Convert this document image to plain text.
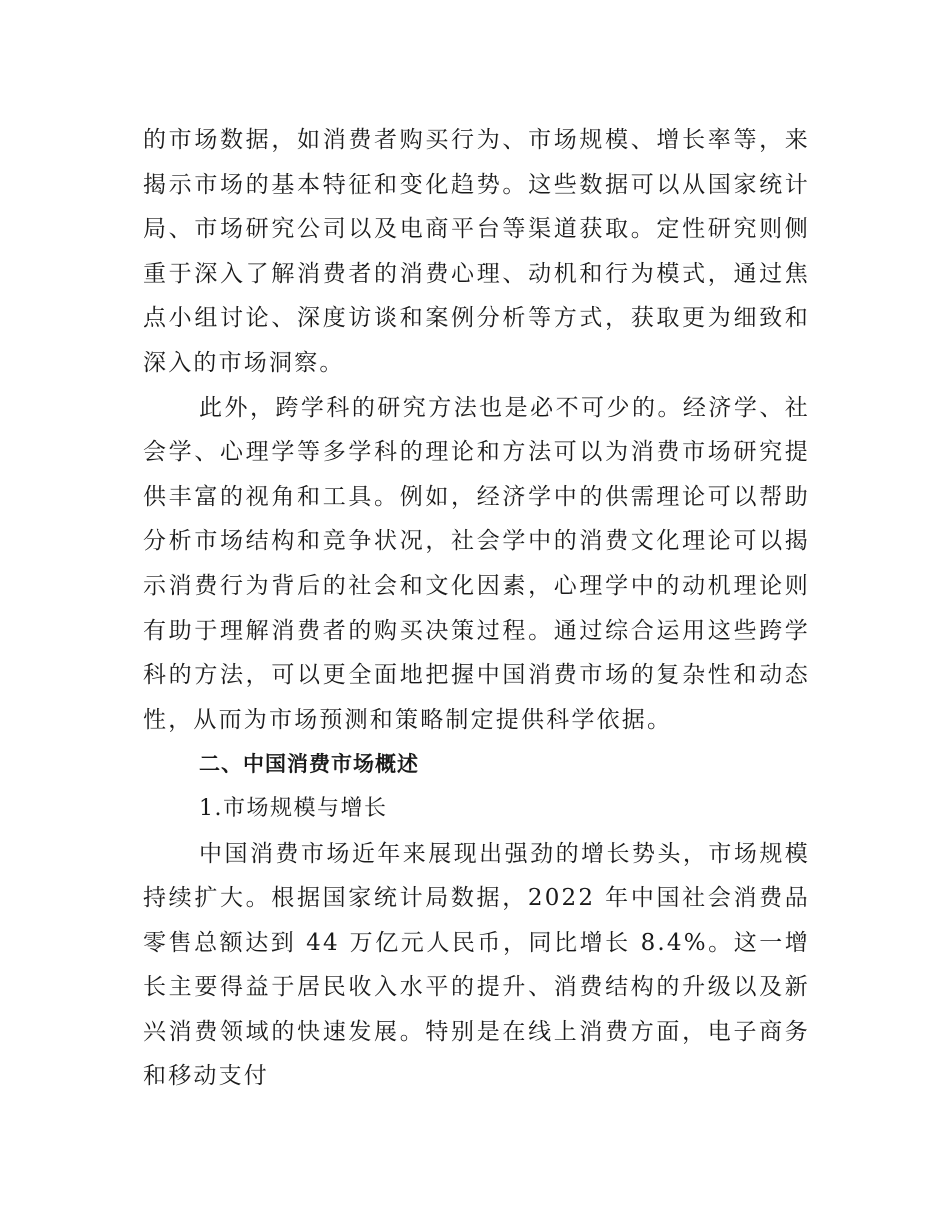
的市场数据，如消费者购买行为、市场规模、增长率等，来揭示市场的基本特征和变化趋势。这些数据可以从国家统计局、市场研究公司以及电商平台等渠道获取。定性研究则侧重于深入了解消费者的消费心理、动机和行为模式，通过焦点小组讨论、深度访谈和案例分析等方式，获取更为细致和深入的市场洞察。

此外，跨学科的研究方法也是必不可少的。经济学、社会学、心理学等多学科的理论和方法可以为消费市场研究提供丰富的视角和工具。例如，经济学中的供需理论可以帮助分析市场结构和竞争状况，社会学中的消费文化理论可以揭示消费行为背后的社会和文化因素，心理学中的动机理论则有助于理解消费者的购买决策过程。通过综合运用这些跨学科的方法，可以更全面地把握中国消费市场的复杂性和动态性，从而为市场预测和策略制定提供科学依据。

二、中国消费市场概述
1.市场规模与增长

中国消费市场近年来展现出强劲的增长势头，市场规模持续扩大。根据国家统计局数据，2022 年中国社会消费品零售总额达到 44 万亿元人民币，同比增长 8.4%。这一增长主要得益于居民收入水平的提升、消费结构的升级以及新兴消费领域的快速发展。特别是在线上消费方面，电子商务和移动支付
